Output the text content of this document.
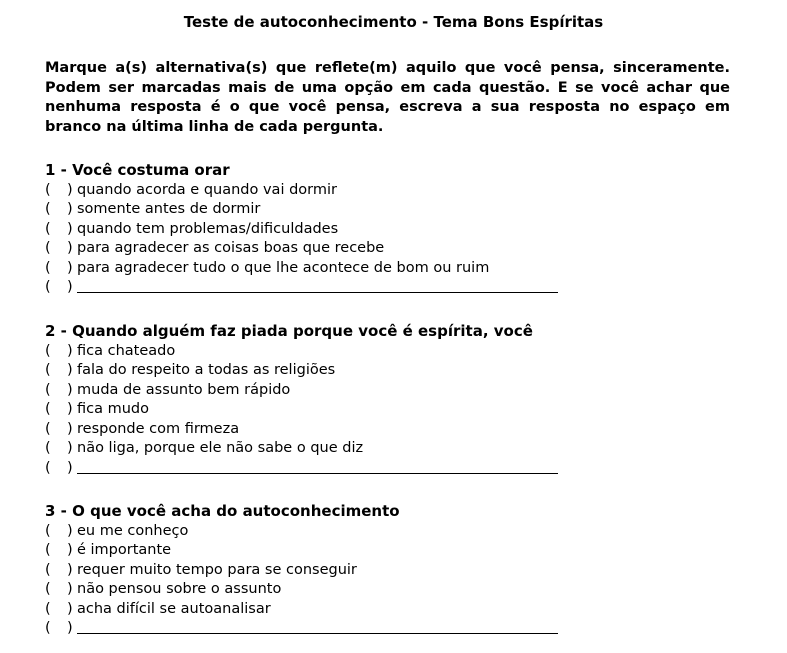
Teste de autoconhecimento - Tema Bons Espíritas
Marque a(s) alternativa(s) que reflete(m) aquilo que você pensa, sinceramente. Podem ser marcadas mais de uma opção em cada questão. E se você achar que nenhuma resposta é o que você pensa, escreva a sua resposta no espaço em branco na última linha de cada pergunta.
1 - Você costuma orar
( ) quando acorda e quando vai dormir
( ) somente antes de dormir
( ) quando tem problemas/dificuldades
( ) para agradecer as coisas boas que recebe
( ) para agradecer tudo o que lhe acontece de bom ou ruim
( )
2 - Quando alguém faz piada porque você é espírita, você
( ) fica chateado
( ) fala do respeito a todas as religiões
( ) muda de assunto bem rápido
( ) fica mudo
( ) responde com firmeza
( ) não liga, porque ele não sabe o que diz
( )
3 - O que você acha do autoconhecimento
( ) eu me conheço
( ) é importante
( ) requer muito tempo para se conseguir
( ) não pensou sobre o assunto
( ) acha difícil se autoanalisar
( )
